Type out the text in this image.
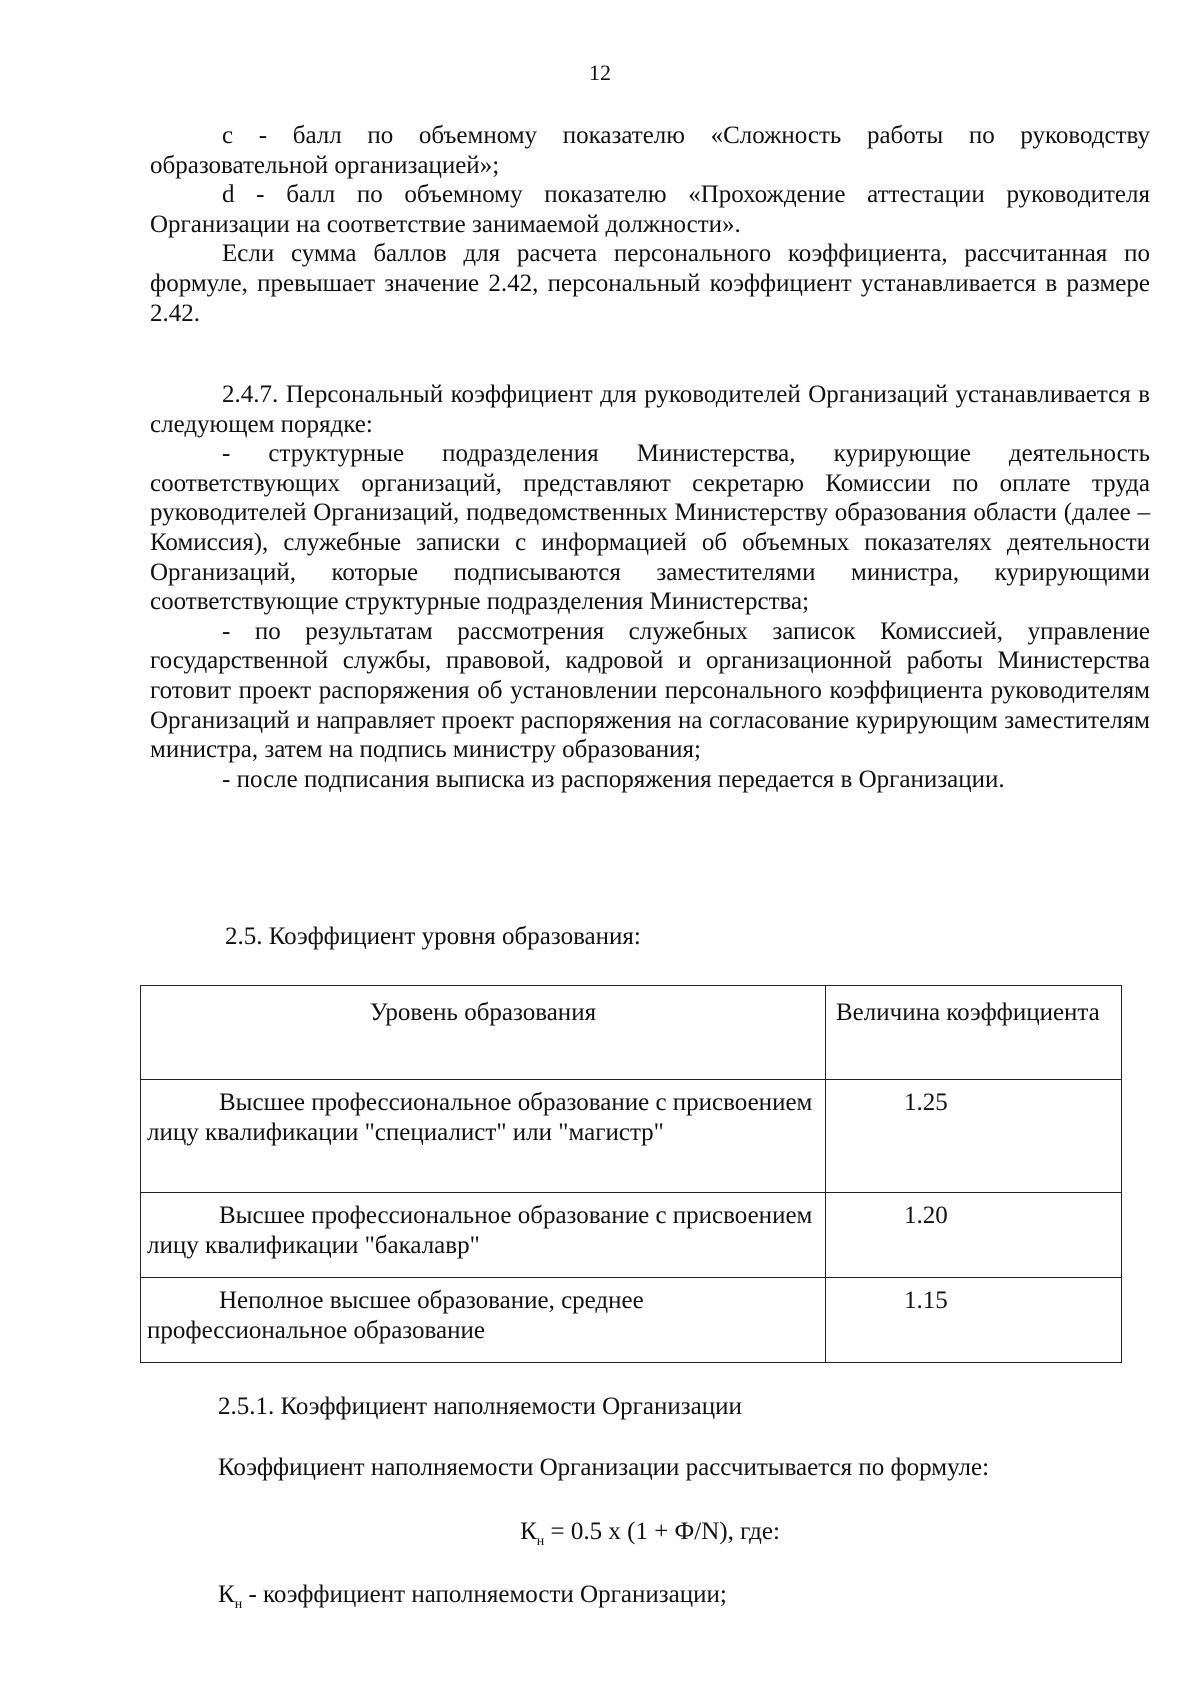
12

c - балл по объемному показателю «Сложность работы по руководству образовательной организацией»;

d - балл по объемному показателю «Прохождение аттестации руководителя Организации на соответствие занимаемой должности».

Если сумма баллов для расчета персонального коэффициента, рассчитанная по формуле, превышает значение 2.42, персональный коэффициент устанавливается в размере 2.42.

2.4.7. Персональный коэффициент для руководителей Организаций устанавливается в следующем порядке:

- структурные подразделения Министерства, курирующие деятельность соответствующих организаций, представляют секретарю Комиссии по оплате труда руководителей Организаций, подведомственных Министерству образования области (далее – Комиссия), служебные записки с информацией об объемных показателях деятельности Организаций, которые подписываются заместителями министра, курирующими соответствующие структурные подразделения Министерства;

- по результатам рассмотрения служебных записок Комиссией, управление государственной службы, правовой, кадровой и организационной работы Министерства готовит проект распоряжения об установлении персонального коэффициента руководителям Организаций и направляет проект распоряжения на согласование курирующим заместителям министра, затем на подпись министру образования;

- после подписания выписка из распоряжения передается в Организации.

2.5. Коэффициент уровня образования:

Уровень образования	Величина коэффициента
Высшее профессиональное образование с присвоением лицу квалификации "специалист" или "магистр"	1.25
Высшее профессиональное образование с присвоением лицу квалификации "бакалавр"	1.20
Неполное высшее образование, среднее профессиональное образование	1.15

2.5.1. Коэффициент наполняемости Организации

Коэффициент наполняемости Организации рассчитывается по формуле:

$К_н = 0.5$ х (1 + Ф/N), где:

$К_н$ - коэффициент наполняемости Организации;
